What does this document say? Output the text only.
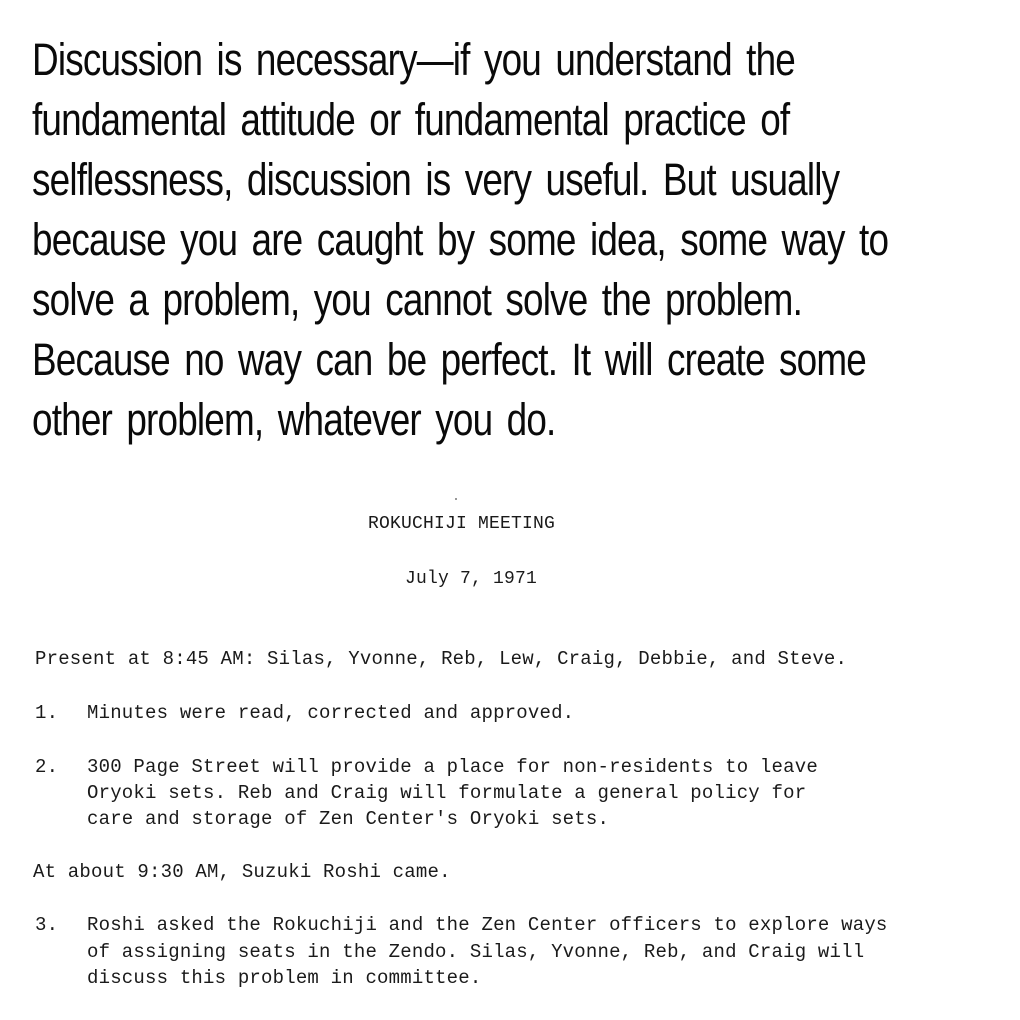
Discussion is necessary—if you understand the
fundamental attitude or fundamental practice of
selflessness, discussion is very useful. But usually
because you are caught by some idea, some way to
solve a problem, you cannot solve the problem.
Because no way can be perfect. It will create some
other problem, whatever you do.
ROKUCHIJI MEETING
July 7, 1971
Present at 8:45 AM: Silas, Yvonne, Reb, Lew, Craig, Debbie, and Steve.
1. Minutes were read, corrected and approved.
2. 300 Page Street will provide a place for non-residents to leave
Oryoki sets. Reb and Craig will formulate a general policy for
care and storage of Zen Center's Oryoki sets.
At about 9:30 AM, Suzuki Roshi came.
3. Roshi asked the Rokuchiji and the Zen Center officers to explore ways
of assigning seats in the Zendo. Silas, Yvonne, Reb, and Craig will
discuss this problem in committee.
